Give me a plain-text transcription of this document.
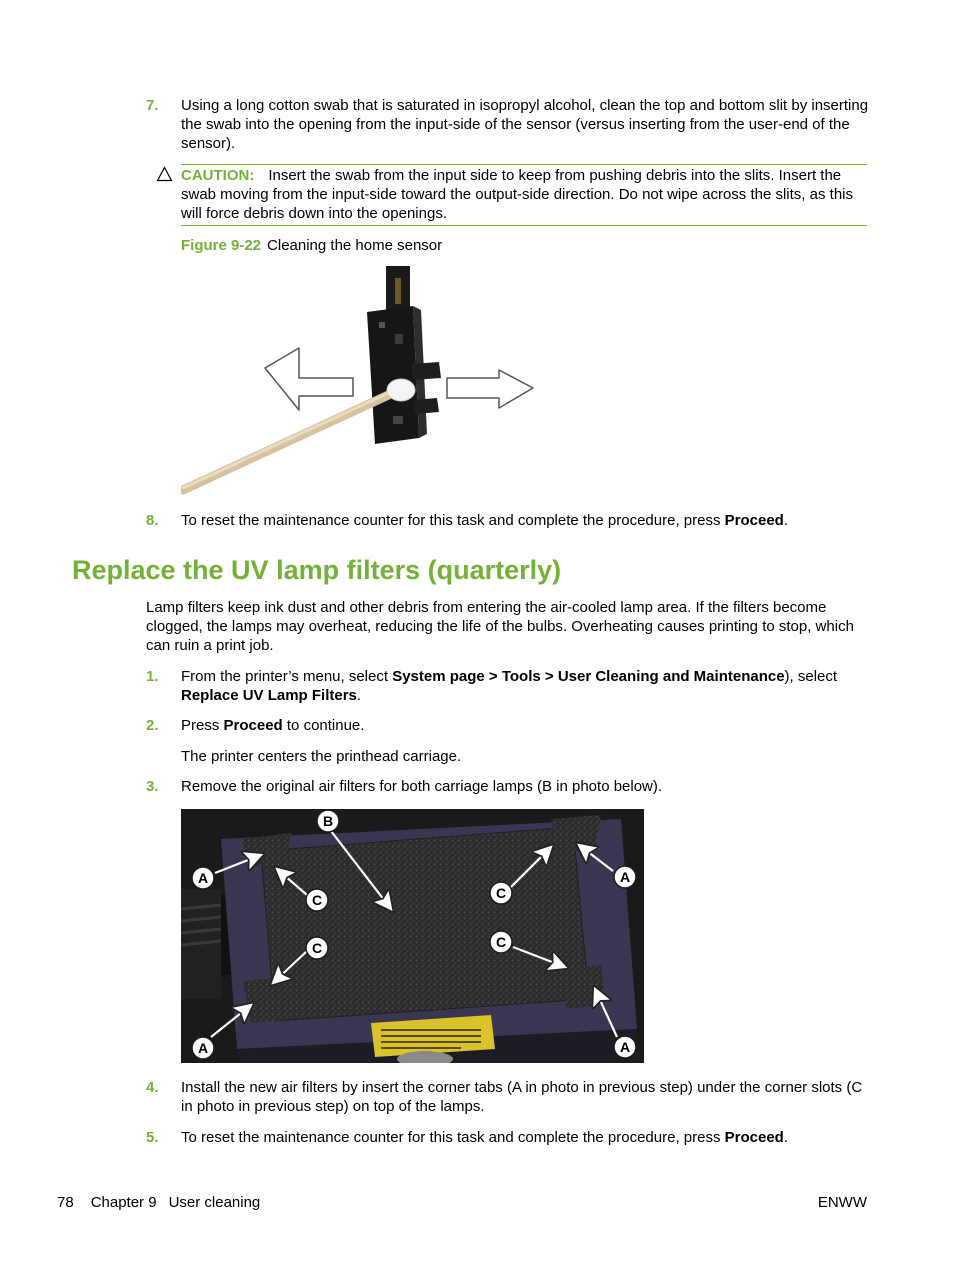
7. Using a long cotton swab that is saturated in isopropyl alcohol, clean the top and bottom slit by inserting the swab into the opening from the input-side of the sensor (versus inserting from the user-end of the sensor).
CAUTION: Insert the swab from the input side to keep from pushing debris into the slits. Insert the swab moving from the input-side toward the output-side direction. Do not wipe across the slits, as this will force debris down into the openings.
Figure 9-22 Cleaning the home sensor
8. To reset the maintenance counter for this task and complete the procedure, press Proceed.
Replace the UV lamp filters (quarterly)
Lamp filters keep ink dust and other debris from entering the air-cooled lamp area. If the filters become clogged, the lamps may overheat, reducing the life of the bulbs. Overheating causes printing to stop, which can ruin a print job.
1. From the printer’s menu, select System page > Tools > User Cleaning and Maintenance), select Replace UV Lamp Filters.
2. Press Proceed to continue.
The printer centers the printhead carriage.
3. Remove the original air filters for both carriage lamps (B in photo below).
B
A
C
A
C
C
C
A	A
4. Install the new air filters by insert the corner tabs (A in photo in previous step) under the corner slots (C in photo in previous step) on top of the lamps.
5. To reset the maintenance counter for this task and complete the procedure, press Proceed.
78 Chapter 9 User cleaning	ENWW
